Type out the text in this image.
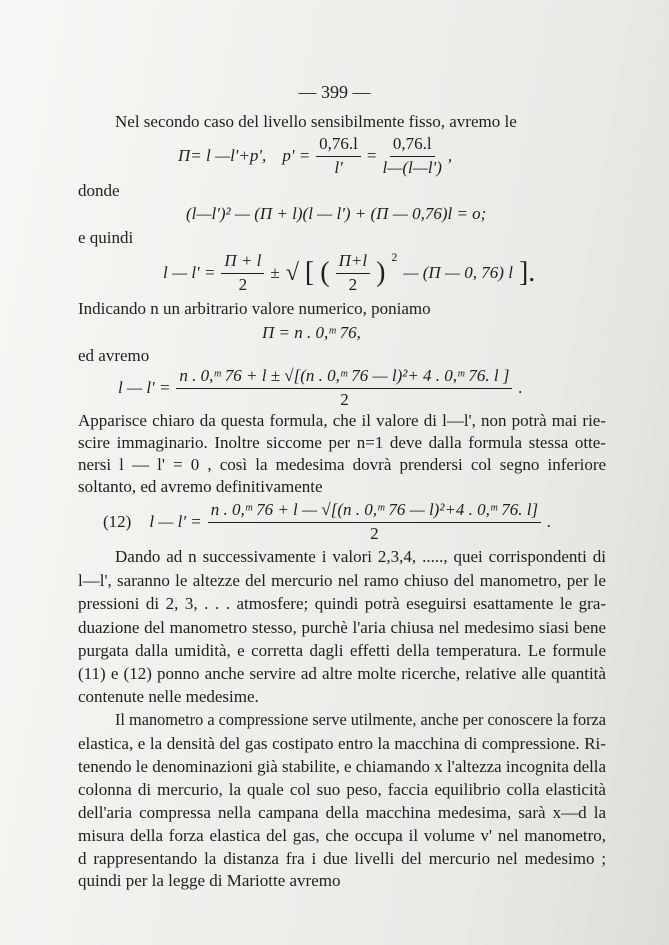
— 399 —
Nel secondo caso del livello sensibilmente fisso, avremo le
Π= l —l'+p', $p' = \frac{0,76.l}{l'} = \frac{0,76.l}{l—(l—l')}$ ,
donde
(l—l')² — (Π + l)(l — l') + (Π — 0,76)l = o;
e quindi
l — $l' = \frac{\Pi + l}{2}$ ± √ [ ( $\frac{\Pi+l}{2}$ ) $^2$
— (Π — 0, 76) l ].
Indicando n un arbitrario valore numerico, poniamo
Π = n . 0,ᵐ 76,
ed avremo
l — $l' = \frac{\text{n . 0,ᵐ 76 + l ± √[(n . 0,ᵐ 76 — l)²+ 4 . 0,ᵐ 76. l ]}}{2}$ .
Apparisce chiaro da questa formula, che il valore di l—l', non potrà mai rie-
scire immaginario. Inoltre siccome per n=1 deve dalla formula stessa otte-
nersi l — l' = 0 , così la medesima dovrà prendersi col segno inferiore
soltanto, ed avremo definitivamente
(12) l — $l' = \frac{\text{n . 0,ᵐ 76 + l — √[(n . 0,ᵐ 76 — l)²+4 . 0,ᵐ 76. l]}}{2}$ .
Dando ad n successivamente i valori 2,3,4, ....., quei corrispondenti di
l—l', saranno le altezze del mercurio nel ramo chiuso del manometro, per le
pressioni di 2, 3, . . . atmosfere; quindi potrà eseguirsi esattamente le gra-
duazione del manometro stesso, purchè l'aria chiusa nel medesimo siasi bene
purgata dalla umidità, e corretta dagli effetti della temperatura. Le formule
(11) e (12) ponno anche servire ad altre molte ricerche, relative alle quantità
contenute nelle medesime.
Il manometro a compressione serve utilmente, anche per conoscere la forza
elastica, e la densità del gas costipato entro la macchina di compressione. Ri-
tenendo le denominazioni già stabilite, e chiamando x l'altezza incognita della
colonna di mercurio, la quale col suo peso, faccia equilibrio colla elasticità
dell'aria compressa nella campana della macchina medesima, sarà x—d la
misura della forza elastica del gas, che occupa il volume v' nel manometro,
d rappresentando la distanza fra i due livelli del mercurio nel medesimo ;
quindi per la legge di Mariotte avremo
